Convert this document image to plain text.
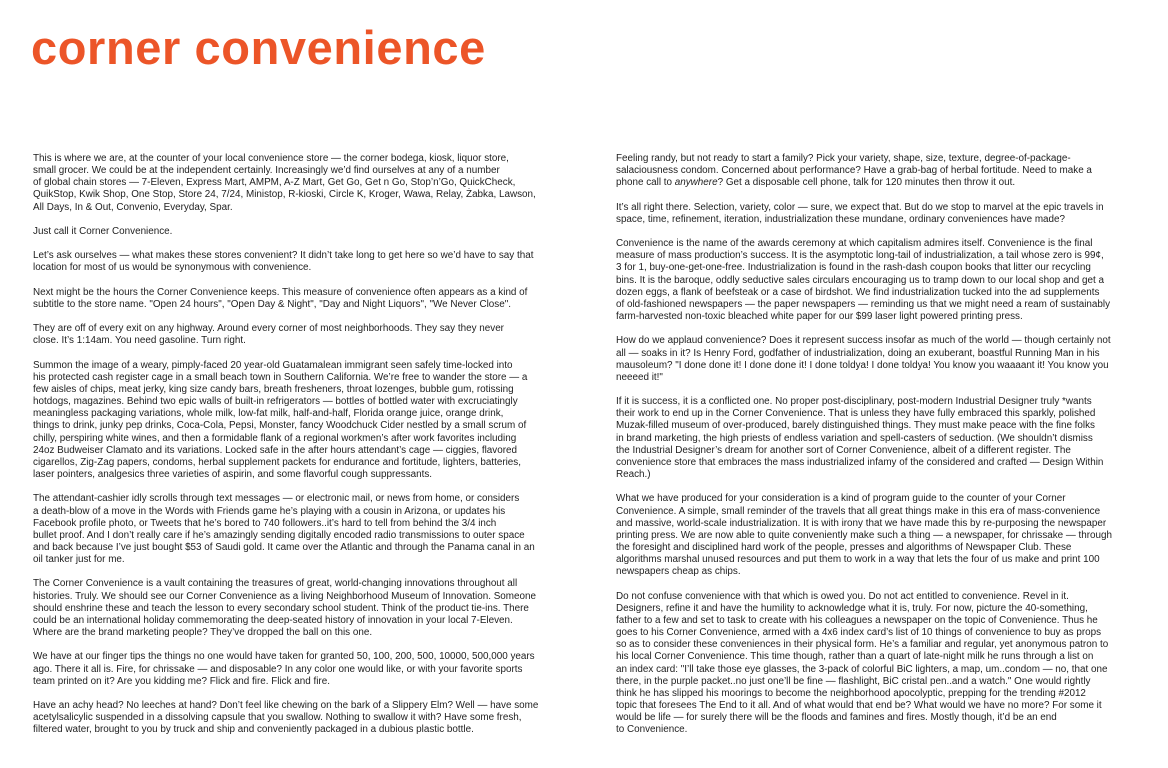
corner convenience
This is where we are, at the counter of your local convenience store — the corner bodega, kiosk, liquor store,
small grocer. We could be at the independent certainly. Increasingly we’d find ourselves at any of a number
of global chain stores — 7-Eleven, Express Mart, AMPM, A-Z Mart, Get Go, Get n Go, Stop’n’Go, QuickCheck,
QuikStop, Kwik Shop, One Stop, Store 24, 7/24, Ministop, R-kioski, Circle K, Kroger, Wawa, Relay, Żabka, Lawson,
All Days, In & Out, Convenio, Everyday, Spar.
Just call it Corner Convenience.
Let’s ask ourselves — what makes these stores convenient? It didn’t take long to get here so we’d have to say that
location for most of us would be synonymous with convenience.
Next might be the hours the Corner Convenience keeps. This measure of convenience often appears as a kind of
subtitle to the store name. "Open 24 hours", "Open Day & Night", "Day and Night Liquors", "We Never Close".
They are off of every exit on any highway. Around every corner of most neighborhoods. They say they never
close. It’s 1:14am. You need gasoline. Turn right.
Summon the image of a weary, pimply-faced 20 year-old Guatamalean immigrant seen safely time-locked into
his protected cash register cage in a small beach town in Southern California. We’re free to wander the store — a
few aisles of chips, meat jerky, king size candy bars, breath fresheners, throat lozenges, bubble gum, rotissing
hotdogs, magazines. Behind two epic walls of built-in refrigerators — bottles of bottled water with excruciatingly
meaningless packaging variations, whole milk, low-fat milk, half-and-half, Florida orange juice, orange drink,
things to drink, junky pep drinks, Coca-Cola, Pepsi, Monster, fancy Woodchuck Cider nestled by a small scrum of
chilly, perspiring white wines, and then a formidable flank of a regional workmen’s after work favorites including
24oz Budweiser Clamato and its variations. Locked safe in the after hours attendant’s cage — ciggies, flavored
cigarellos, Zig-Zag papers, condoms, herbal supplement packets for endurance and fortitude, lighters, batteries,
laser pointers, analgesics three varieties of aspirin, and some flavorful cough suppressants.
The attendant-cashier idly scrolls through text messages — or electronic mail, or news from home, or considers
a death-blow of a move in the Words with Friends game he’s playing with a cousin in Arizona, or updates his
Facebook profile photo, or Tweets that he’s bored to 740 followers..it’s hard to tell from behind the 3/4 inch
bullet proof. And I don’t really care if he’s amazingly sending digitally encoded radio transmissions to outer space
and back because I’ve just bought $53 of Saudi gold. It came over the Atlantic and through the Panama canal in an
oil tanker just for me.
The Corner Convenience is a vault containing the treasures of great, world-changing innovations throughout all
histories. Truly. We should see our Corner Convenience as a living Neighborhood Museum of Innovation. Someone
should enshrine these and teach the lesson to every secondary school student. Think of the product tie-ins. There
could be an international holiday commemorating the deep-seated history of innovation in your local 7-Eleven.
Where are the brand marketing people? They’ve dropped the ball on this one.
We have at our finger tips the things no one would have taken for granted 50, 100, 200, 500, 10000, 500,000 years
ago. There it all is. Fire, for chrissake — and disposable? In any color one would like, or with your favorite sports
team printed on it? Are you kidding me? Flick and fire. Flick and fire.
Have an achy head? No leeches at hand? Don’t feel like chewing on the bark of a Slippery Elm? Well — have some
acetylsalicylic suspended in a dissolving capsule that you swallow. Nothing to swallow it with? Have some fresh,
filtered water, brought to you by truck and ship and conveniently packaged in a dubious plastic bottle.
Feeling randy, but not ready to start a family? Pick your variety, shape, size, texture, degree-of-package-
salaciousness condom. Concerned about performance? Have a grab-bag of herbal fortitude. Need to make a
phone call to anywhere? Get a disposable cell phone, talk for 120 minutes then throw it out.
It’s all right there. Selection, variety, color — sure, we expect that. But do we stop to marvel at the epic travels in
space, time, refinement, iteration, industrialization these mundane, ordinary conveniences have made?
Convenience is the name of the awards ceremony at which capitalism admires itself. Convenience is the final
measure of mass production’s success. It is the asymptotic long-tail of industrialization, a tail whose zero is 99¢,
3 for 1, buy-one-get-one-free. Industrialization is found in the rash-dash coupon books that litter our recycling
bins. It is the baroque, oddly seductive sales circulars encouraging us to tramp down to our local shop and get a
dozen eggs, a flank of beefsteak or a case of birdshot. We find industrialization tucked into the ad supplements
of old-fashioned newspapers — the paper newspapers — reminding us that we might need a ream of sustainably
farm-harvested non-toxic bleached white paper for our $99 laser light powered printing press.
How do we applaud convenience? Does it represent success insofar as much of the world — though certainly not
all — soaks in it? Is Henry Ford, godfather of industrialization, doing an exuberant, boastful Running Man in his
mausoleum? "I done done it! I done done it! I done toldya! I done toldya! You know you waaaant it! You know you
neeeed it!"
If it is success, it is a conflicted one. No proper post-disciplinary, post-modern Industrial Designer truly *wants
their work to end up in the Corner Convenience. That is unless they have fully embraced this sparkly, polished
Muzak-filled museum of over-produced, barely distinguished things. They must make peace with the fine folks
in brand marketing, the high priests of endless variation and spell-casters of seduction. (We shouldn’t dismiss
the Industrial Designer’s dream for another sort of Corner Convenience, albeit of a different register. The
convenience store that embraces the mass industrialized infamy of the considered and crafted — Design Within
Reach.)
What we have produced for your consideration is a kind of program guide to the counter of your Corner
Convenience. A simple, small reminder of the travels that all great things make in this era of mass-convenience
and massive, world-scale industrialization. It is with irony that we have made this by re-purposing the newspaper
printing press. We are now able to quite conveniently make such a thing — a newspaper, for chrissake — through
the foresight and disciplined hard work of the people, presses and algorithms of Newspaper Club. These
algorithms marshal unused resources and put them to work in a way that lets the four of us make and print 100
newspapers cheap as chips.
Do not confuse convenience with that which is owed you. Do not act entitled to convenience. Revel in it.
Designers, refine it and have the humility to acknowledge what it is, truly. For now, picture the 40-something,
father to a few and set to task to create with his colleagues a newspaper on the topic of Convenience. Thus he
goes to his Corner Convenience, armed with a 4x6 index card’s list of 10 things of convenience to buy as props
so as to consider these conveniences in their physical form. He’s a familiar and regular, yet anonymous patron to
his local Corner Convenience. This time though, rather than a quart of late-night milk he runs through a list on
an index card: "I’ll take those eye glasses, the 3-pack of colorful BiC lighters, a map, um..condom — no, that one
there, in the purple packet..no just one’ll be fine — flashlight, BiC cristal pen..and a watch." One would rightly
think he has slipped his moorings to become the neighborhood apocolyptic, prepping for the trending #2012
topic that foresees The End to it all. And of what would that end be? What would we have no more? For some it
would be life — for surely there will be the floods and famines and fires. Mostly though, it’d be an end
to Convenience.
